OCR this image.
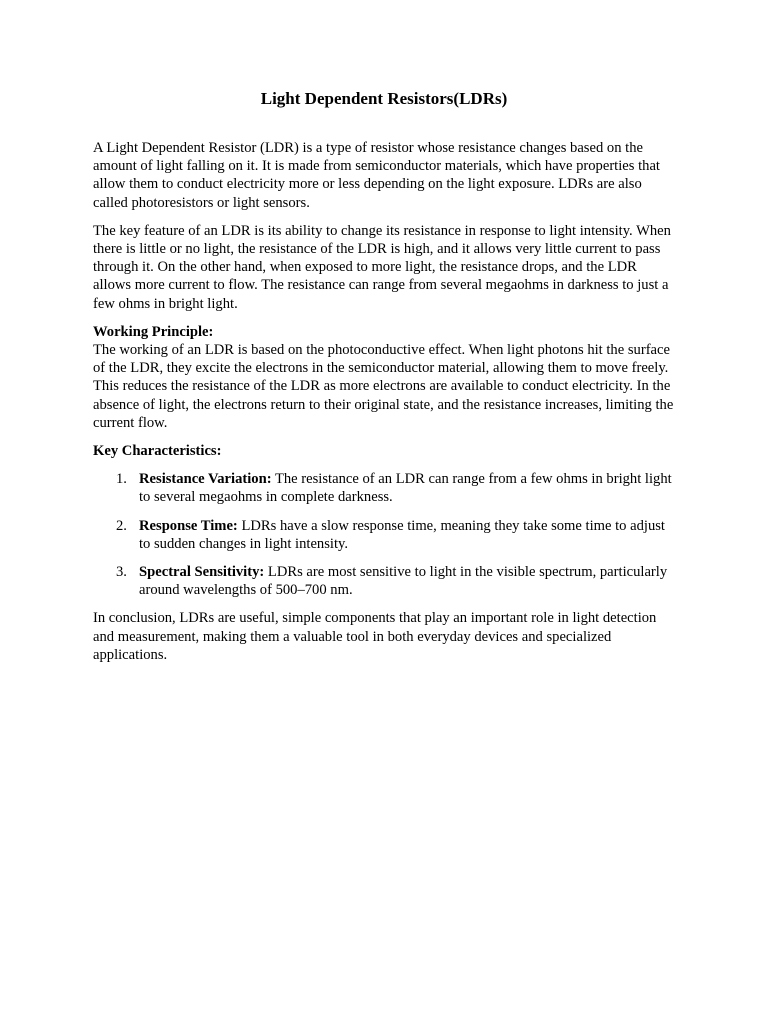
Light Dependent Resistors(LDRs)

A Light Dependent Resistor (LDR) is a type of resistor whose resistance changes based on the amount of light falling on it. It is made from semiconductor materials, which have properties that allow them to conduct electricity more or less depending on the light exposure. LDRs are also called photoresistors or light sensors.

The key feature of an LDR is its ability to change its resistance in response to light intensity. When there is little or no light, the resistance of the LDR is high, and it allows very little current to pass through it. On the other hand, when exposed to more light, the resistance drops, and the LDR allows more current to flow. The resistance can range from several megaohms in darkness to just a few ohms in bright light.

Working Principle:
The working of an LDR is based on the photoconductive effect. When light photons hit the surface of the LDR, they excite the electrons in the semiconductor material, allowing them to move freely. This reduces the resistance of the LDR as more electrons are available to conduct electricity. In the absence of light, the electrons return to their original state, and the resistance increases, limiting the current flow.

Key Characteristics:

1. Resistance Variation: The resistance of an LDR can range from a few ohms in bright light to several megaohms in complete darkness.
2. Response Time: LDRs have a slow response time, meaning they take some time to adjust to sudden changes in light intensity.
3. Spectral Sensitivity: LDRs are most sensitive to light in the visible spectrum, particularly around wavelengths of 500–700 nm.

In conclusion, LDRs are useful, simple components that play an important role in light detection and measurement, making them a valuable tool in both everyday devices and specialized applications.
